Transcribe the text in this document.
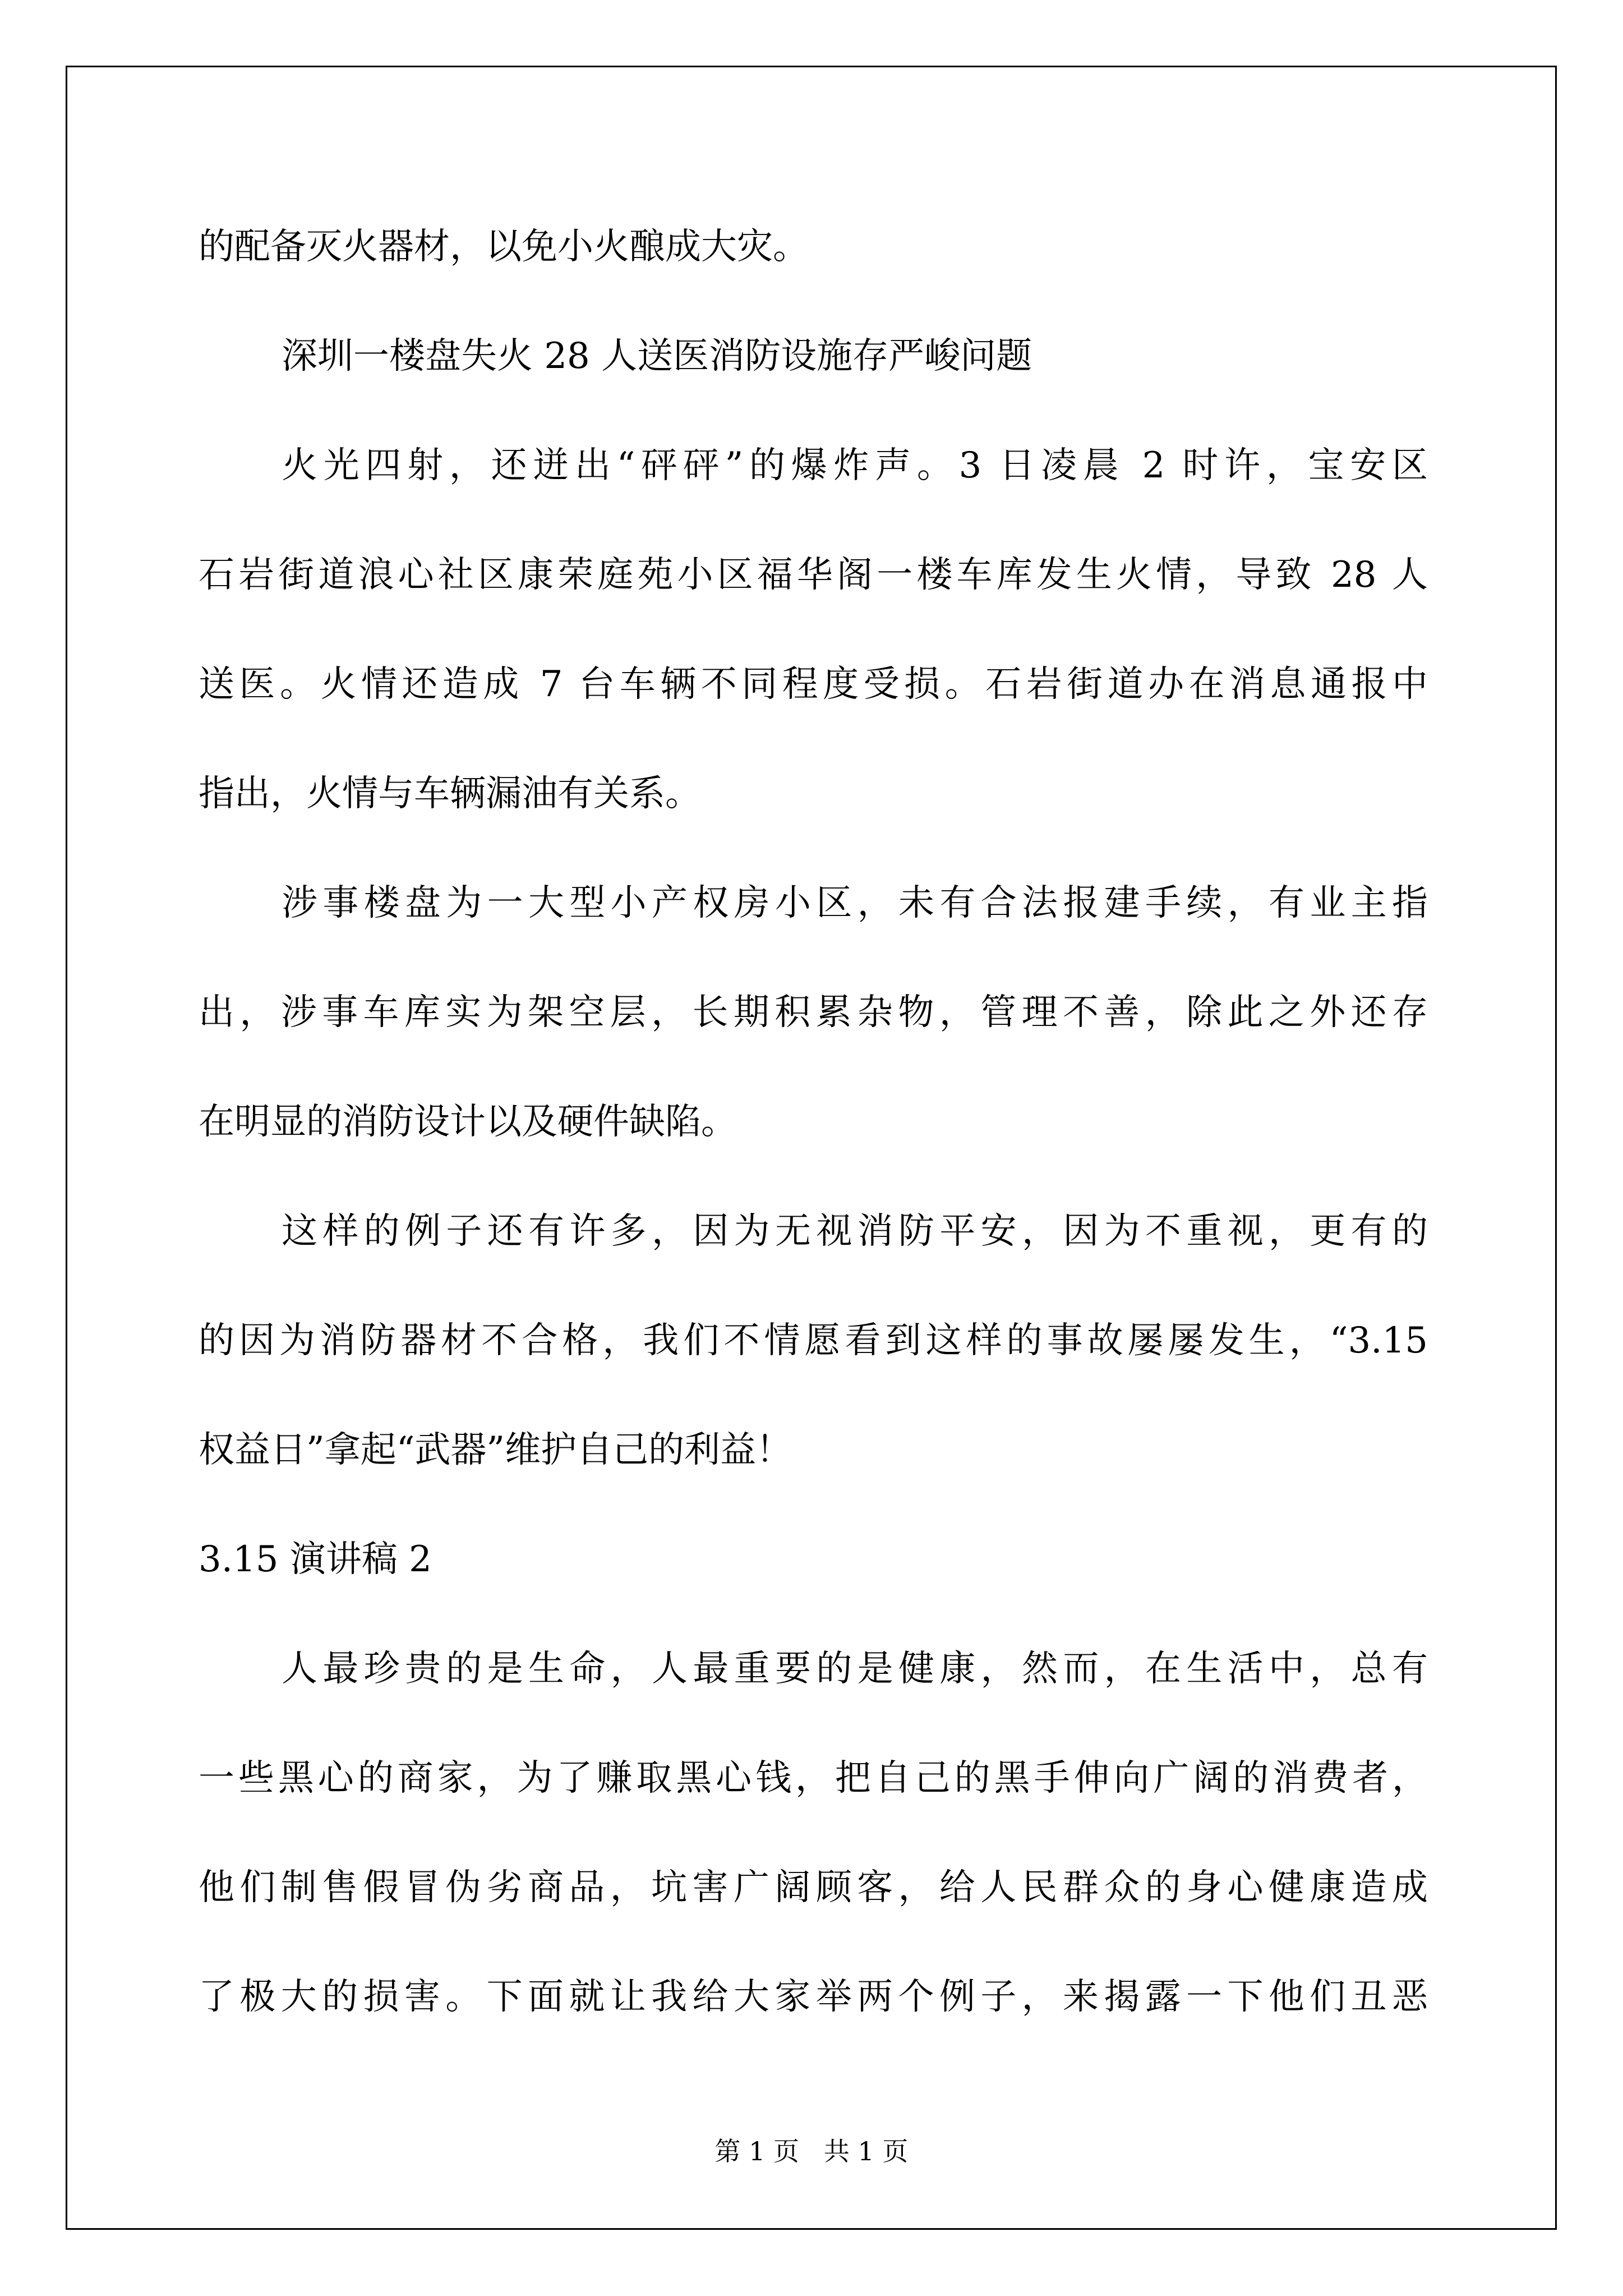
的配备灭火器材，以免小火酿成大灾。
深圳一楼盘失火 28 人送医消防设施存严峻问题
火光四射，还迸出“砰砰”的爆炸声。3 日凌晨 2 时许，宝安区
石岩街道浪心社区康荣庭苑小区福华阁一楼车库发生火情，导致 28 人
送医。火情还造成 7 台车辆不同程度受损。石岩街道办在消息通报中
指出，火情与车辆漏油有关系。
涉事楼盘为一大型小产权房小区，未有合法报建手续，有业主指
出，涉事车库实为架空层，长期积累杂物，管理不善，除此之外还存
在明显的消防设计以及硬件缺陷。
这样的例子还有许多，因为无视消防平安，因为不重视，更有的
的因为消防器材不合格，我们不情愿看到这样的事故屡屡发生，“3.15
权益日”拿起“武器”维护自己的利益！
3.15 演讲稿 2
人最珍贵的是生命，人最重要的是健康，然而，在生活中，总有
一些黑心的商家，为了赚取黑心钱，把自己的黑手伸向广阔的消费者，
他们制售假冒伪劣商品，坑害广阔顾客，给人民群众的身心健康造成
了极大的损害。下面就让我给大家举两个例子，来揭露一下他们丑恶
第 1 页   共 1 页
